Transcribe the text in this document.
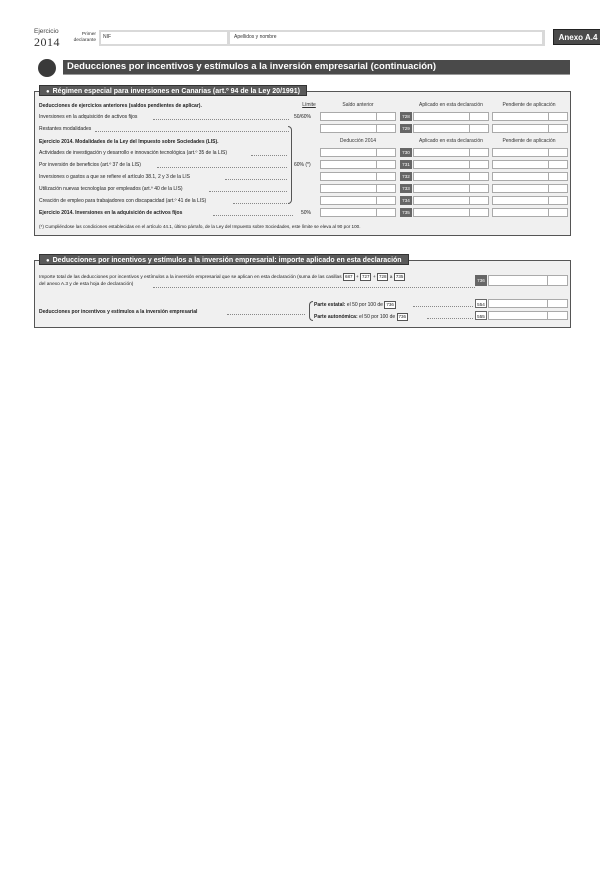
Ejercicio
2014
Primer declarante
NIF	Apellidos y nombre	Anexo A.4
Deducciones por incentivos y estímulos a la inversión empresarial (continuación)
● Régimen especial para inversiones en Canarias (art.º 94 de la Ley 20/1991)
Límite	Saldo anterior	Aplicado en esta declaración	Pendiente de aplicación
Deducciones de ejercicios anteriores (saldos pendientes de aplicar).
Inversiones en la adquisición de activos fijos	50/60%	728
Restantes modalidades	729
Ejercicio 2014. Modalidades de la Ley del Impuesto sobre Sociedades (LIS).	Deducción 2014	Aplicado en esta declaración	Pendiente de aplicación
Actividades de investigación y desarrollo e innovación tecnológica (art.º 35 de la LIS)	730
Por inversión de beneficios (art.º 37 de la LIS)	60% (*)	731
Inversiones o gastos a que se refiere el artículo 38.1, 2 y 3 de la LIS	732
Utilización nuevas tecnologías por empleados (art.º 40 de la LIS)	733
Creación de empleo para trabajadores con discapacidad (art.º 41 de la LIS)	734
Ejercicio 2014. Inversiones en la adquisición de activos fijos	50%	735
(*) Cumpliéndose las condiciones establecidas en el artículo 44.1, último párrafo, de la Ley del Impuesto sobre Sociedades, este límite se eleva al 90 por 100.
● Deducciones por incentivos y estímulos a la inversión empresarial: importe aplicado en esta declaración
Importe total de las deducciones por incentivos y estímulos a la inversión empresarial que se aplican en esta declaración (suma de las casillas 687 + 727 + 728 a 735
del anexo A.3 y de esta hoja de declaración)
736
Deducciones por incentivos y estímulos a la inversión empresarial
Parte estatal: el 50 por 100 de 736	554
Parte autonómica: el 50 por 100 de 736	555
